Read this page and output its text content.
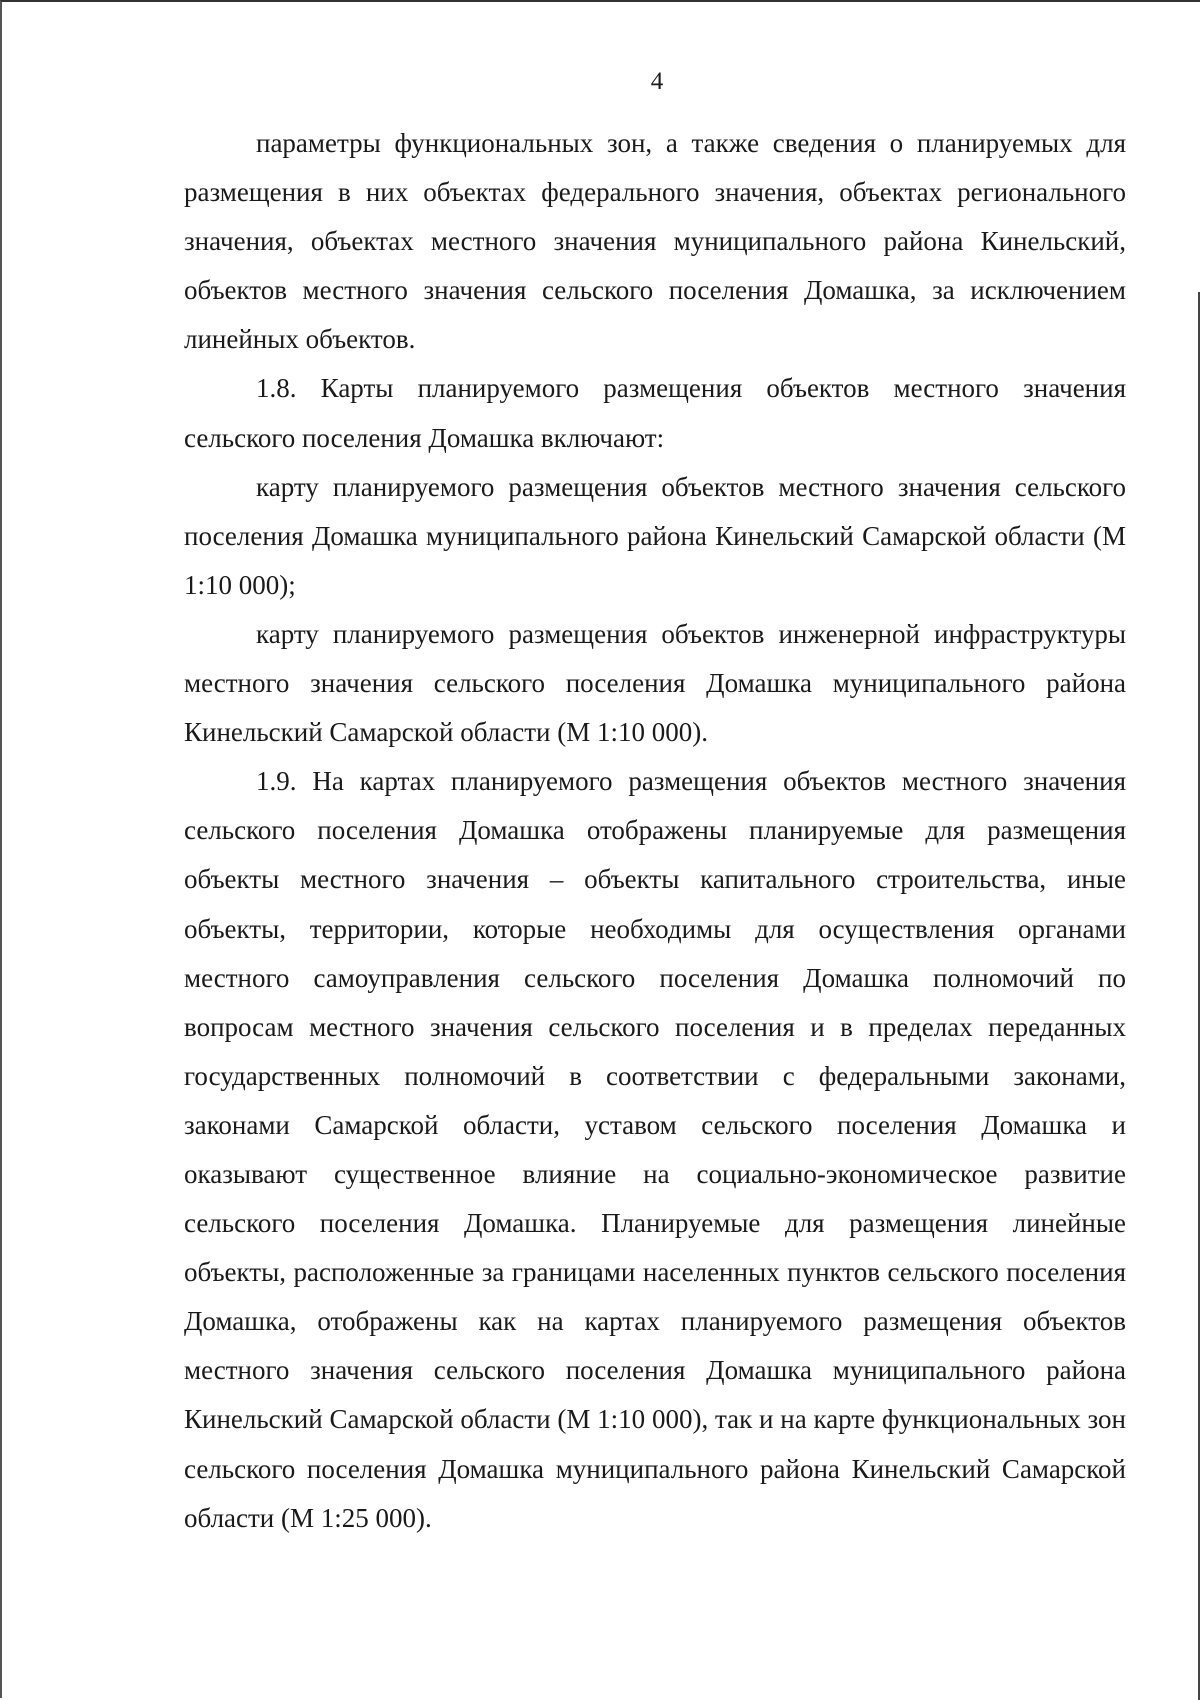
4

параметры функциональных зон, а также сведения о планируемых для размещения в них объектах федерального значения, объектах регионального значения, объектах местного значения муниципального района Кинельский, объектов местного значения сельского поселения Домашка, за исключением линейных объектов.

1.8. Карты планируемого размещения объектов местного значения сельского поселения Домашка включают:

карту планируемого размещения объектов местного значения сельского поселения Домашка муниципального района Кинельский Самарской области (М 1:10 000);

карту планируемого размещения объектов инженерной инфраструктуры местного значения сельского поселения Домашка муниципального района Кинельский Самарской области (М 1:10 000).

1.9. На картах планируемого размещения объектов местного значения сельского поселения Домашка отображены планируемые для размещения объекты местного значения – объекты капитального строительства, иные объекты, территории, которые необходимы для осуществления органами местного самоуправления сельского поселения Домашка полномочий по вопросам местного значения сельского поселения и в пределах переданных государственных полномочий в соответствии с федеральными законами, законами Самарской области, уставом сельского поселения Домашка и оказывают существенное влияние на социально-экономическое развитие сельского поселения Домашка. Планируемые для размещения линейные объекты, расположенные за границами населенных пунктов сельского поселения Домашка, отображены как на картах планируемого размещения объектов местного значения сельского поселения Домашка муниципального района Кинельский Самарской области (М 1:10 000), так и на карте функциональных зон сельского поселения Домашка муниципального района Кинельский Самарской области (М 1:25 000).
